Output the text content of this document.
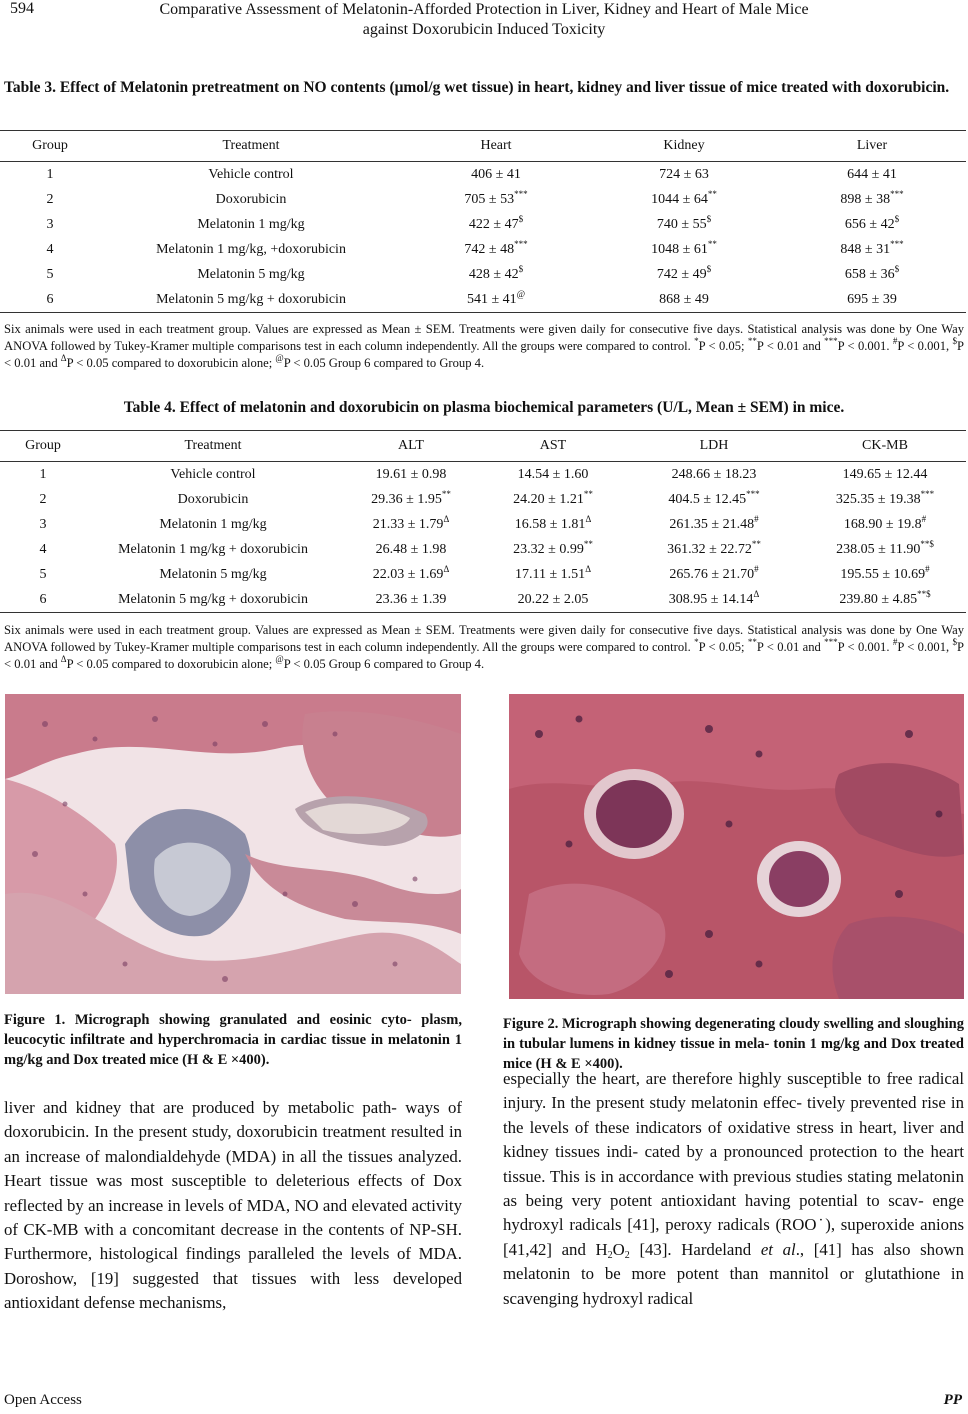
594	Comparative Assessment of Melatonin-Afforded Protection in Liver, Kidney and Heart of Male Mice
against Doxorubicin Induced Toxicity
Table 3. Effect of Melatonin pretreatment on NO contents (μmol/g wet tissue) in heart, kidney and liver tissue of mice treated with doxorubicin.
Group	Treatment	Heart	Kidney	Liver
1	Vehicle control	406 ± 41	724 ± 63	644 ± 41
2	Doxorubicin	705 ± 53***	1044 ± 64**	898 ± 38***
3	Melatonin 1 mg/kg	422 ± 47$	740 ± 55$	656 ± 42$
4	Melatonin 1 mg/kg, +doxorubicin	742 ± 48***	1048 ± 61**	848 ± 31***
5	Melatonin 5 mg/kg	428 ± 42$	742 ± 49$	658 ± 36$
6	Melatonin 5 mg/kg + doxorubicin	541 ± 41@	868 ± 49	695 ± 39
Six animals were used in each treatment group. Values are expressed as Mean ± SEM. Treatments were given daily for consecutive five days. Statistical analysis was done by One Way ANOVA followed by Tukey-Kramer multiple comparisons test in each column independently. All the groups were compared to control. *P < 0.05; **P < 0.01 and ***P < 0.001. #P < 0.001, $P < 0.01 and $^\Delta$P < 0.05 compared to doxorubicin alone; @P < 0.05 Group 6 compared to Group 4.
Table 4. Effect of melatonin and doxorubicin on plasma biochemical parameters (U/L, Mean ± SEM) in mice.
Group	Treatment	ALT	AST	LDH	CK-MB
1	Vehicle control	19.61 ± 0.98	14.54 ± 1.60	248.66 ± 18.23	149.65 ± 12.44
2	Doxorubicin	29.36 ± 1.95**	24.20 ± 1.21**	404.5 ± 12.45***	325.35 ± 19.38***
3	Melatonin 1 mg/kg	$21.33 \pm 1.79^\Delta$	$16.58 \pm 1.81^\Delta$	261.35 ± 21.48#	168.90 ± 19.8#
4	Melatonin 1 mg/kg + doxorubicin	26.48 ± 1.98	23.32 ± 0.99**	361.32 ± 22.72**	238.05 ± 11.90**$
5	Melatonin 5 mg/kg	$22.03 \pm 1.69^\Delta$	$17.11 \pm 1.51^\Delta$	265.76 ± 21.70#	195.55 ± 10.69#
6	Melatonin 5 mg/kg + doxorubicin	23.36 ± 1.39	20.22 ± 2.05	$308.95 \pm 14.14^\Delta$	239.80 ± 4.85**$
Six animals were used in each treatment group. Values are expressed as Mean ± SEM. Treatments were given daily for consecutive five days. Statistical analysis was done by One Way ANOVA followed by Tukey-Kramer multiple comparisons test in each column independently. All the groups were compared to control. *P < 0.05; **P < 0.01 and ***P < 0.001. #P < 0.001, $P < 0.01 and $^\Delta$P < 0.05 compared to doxorubicin alone; @P < 0.05 Group 6 compared to Group 4.
Figure 1. Micrograph showing granulated and eosinic cyto- plasm, leucocytic infiltrate and hyperchromacia in cardiac tissue in melatonin 1 mg/kg and Dox treated mice (H & E ×400).
Figure 2. Micrograph showing degenerating cloudy swelling and sloughing in tubular lumens in kidney tissue in mela- tonin 1 mg/kg and Dox treated mice (H & E ×400).
liver and kidney that are produced by metabolic path- ways of doxorubicin. In the present study, doxorubicin treatment resulted in an increase of malondialdehyde (MDA) in all the tissues analyzed. Heart tissue was most susceptible to deleterious effects of Dox reflected by an increase in levels of MDA, NO and elevated activity of CK-MB with a concomitant decrease in the contents of NP-SH. Furthermore, histological findings paralleled the levels of MDA. Doroshow, [19] suggested that tissues with less developed antioxidant defense mechanisms,
especially the heart, are therefore highly susceptible to free radical injury. In the present study melatonin effec- tively prevented rise in the levels of these indicators of oxidative stress in heart, liver and kidney tissues indi- cated by a pronounced protection to the heart tissue. This is in accordance with previous studies stating melatonin as being very potent antioxidant having potential to scav- enge hydroxyl radicals [41], peroxy radicals (ROO˙), superoxide anions [41,42] and $H_2O_2$ [43]. Hardeland et al., [41] has also shown melatonin to be more potent than mannitol or glutathione in scavenging hydroxyl radical
Open Access	PP
